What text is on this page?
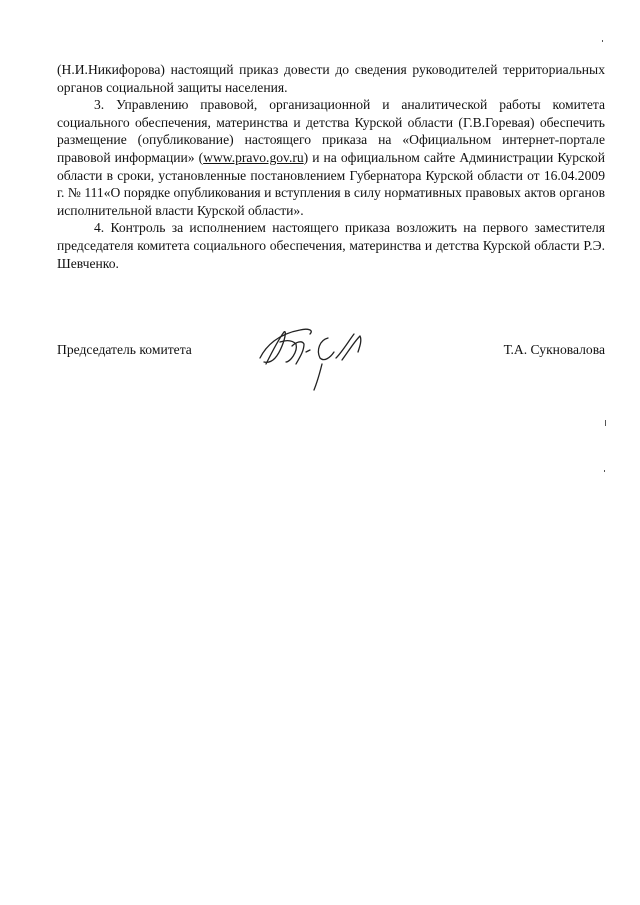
(Н.И.Никифорова) настоящий приказ довести до сведения руководителей территориальных органов социальной защиты населения.

3. Управлению правовой, организационной и аналитической работы комитета социального обеспечения, материнства и детства Курской области (Г.В.Горевая) обеспечить размещение (опубликование) настоящего приказа на «Официальном интернет-портале правовой информации» (www.pravo.gov.ru) и на официальном сайте Администрации Курской области в сроки, установленные постановлением Губернатора Курской области от 16.04.2009 г. № 111«О порядке опубликования и вступления в силу нормативных правовых актов органов исполнительной власти Курской области».

4. Контроль за исполнением настоящего приказа возложить на первого заместителя председателя комитета социального обеспечения, материнства и детства Курской области Р.Э. Шевченко.

Председатель комитета	Т.А. Сукновалова
